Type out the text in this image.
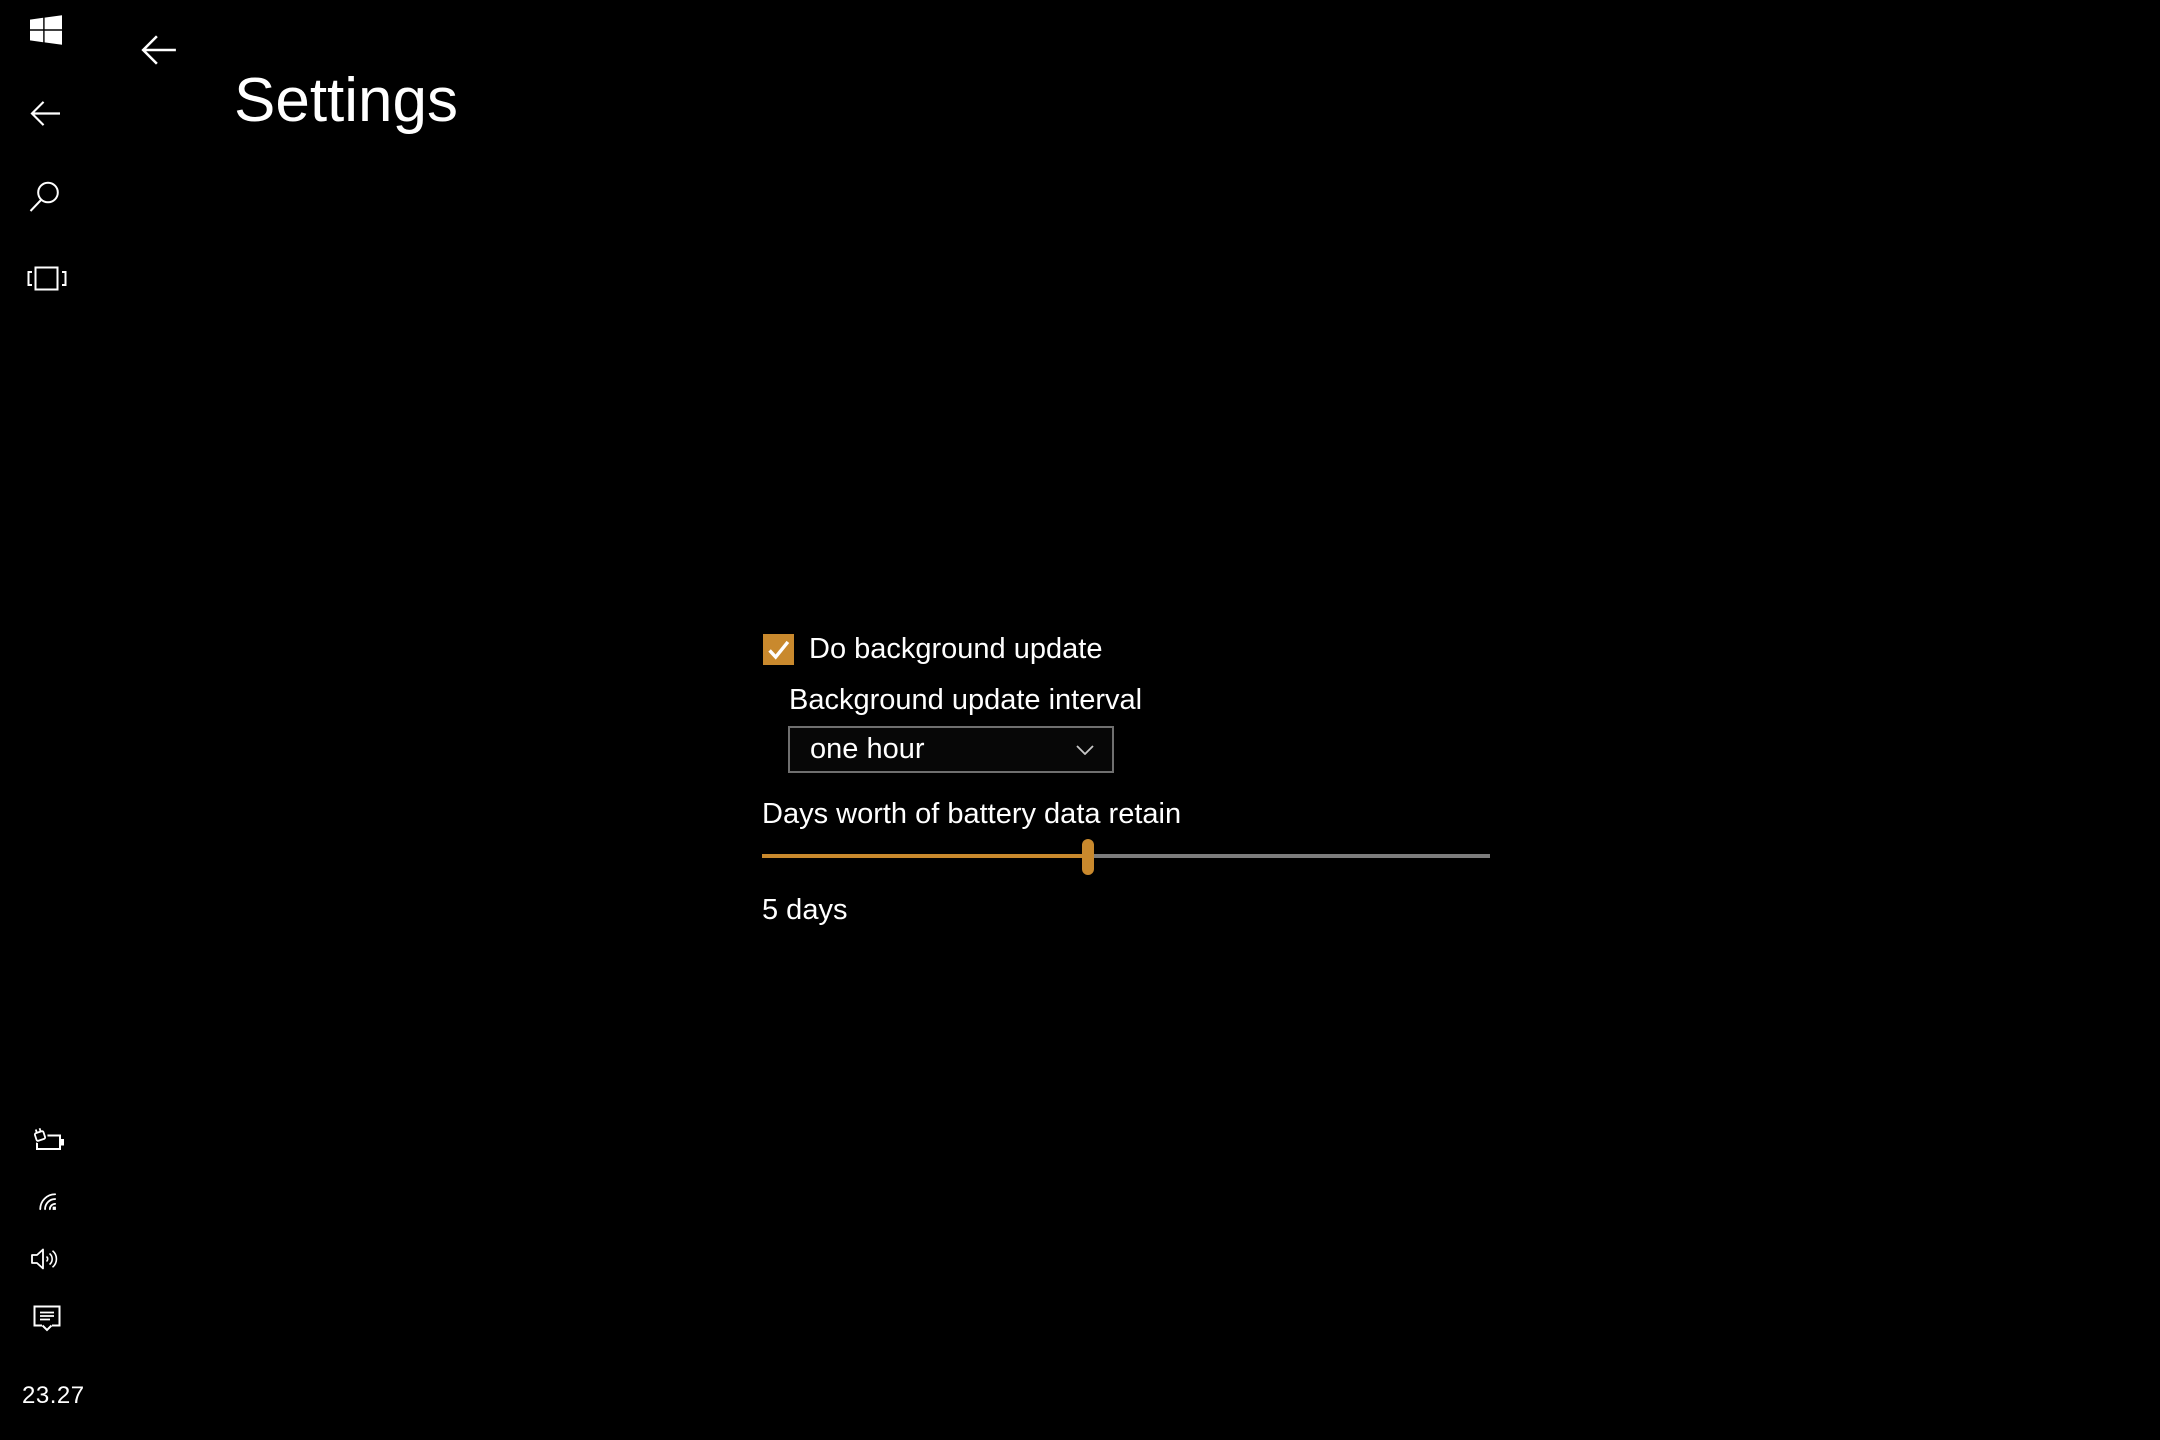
23.27
Settings
Do background update
Background update interval
one hour
Days worth of battery data retain
5 days
